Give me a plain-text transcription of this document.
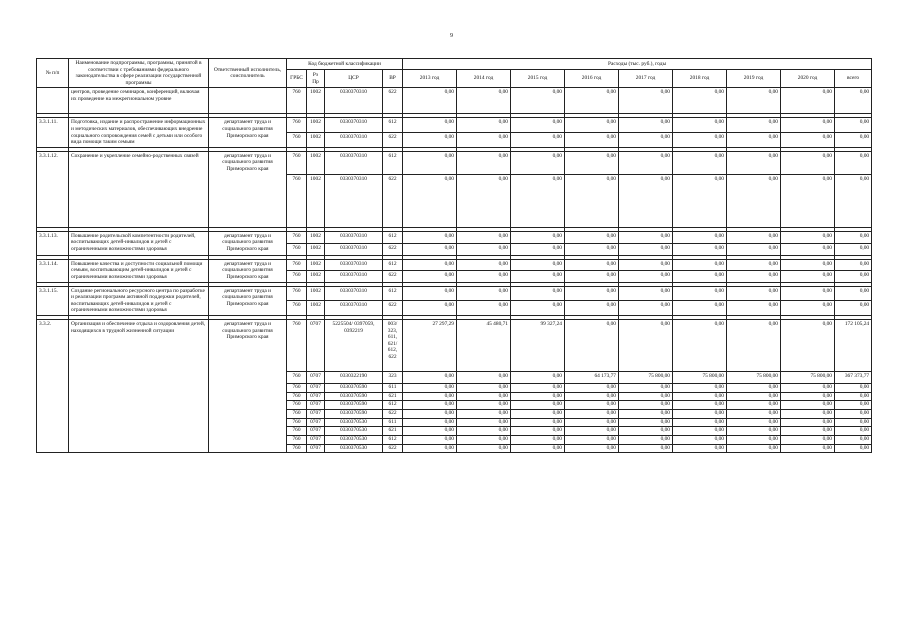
9
№ п/п	Наименование подпрограммы, программы, принятой в соответствии с требованиями федерального законодательства в сфере реализации государственной программы	Ответственный исполнитель, соисполнитель	Код бюджетной классификации				Расходы (тыс. руб.), годы								
			ГРБС	Рз Пр	ЦСР	ВР	2013 год	2014 год	2015 год	2016 год	2017 год	2018 год	2019 год	2020 год	всего
	центров, проведение семинаров, конференций, включая их проведение на межрегиональном уровне		760	1002	0330370310	622	0,00	0,00	0,00	0,00	0,00	0,00	0,00	0,00	0,00

3.3.1.11.	Подготовка, издание и распространение информационных и методических материалов, обеспечивающих внедрение социального сопровождения семей с детьми или особого вида помощи таким семьям	департамент труда и социального развития Приморского края	760	1002	0330370310	612	0,00	0,00	0,00	0,00	0,00	0,00	0,00	0,00	0,00
			760	1002	0330370310	622	0,00	0,00	0,00	0,00	0,00	0,00	0,00	0,00	0,00

3.3.1.12.	Сохранение и укрепление семейно-родственных связей	департамент труда и социального развития Приморского края	760	1002	0330370310	612	0,00	0,00	0,00	0,00	0,00	0,00	0,00	0,00	0,00
			760	1002	0330370310	622	0,00	0,00	0,00	0,00	0,00	0,00	0,00	0,00	0,00

3.3.1.13.	Повышение родительской компетентности родителей, воспитывающих детей-инвалидов и детей с ограниченными возможностями здоровья	департамент труда и социального развития Приморского края	760	1002	0330370310	612	0,00	0,00	0,00	0,00	0,00	0,00	0,00	0,00	0,00
			760	1002	0330370310	622	0,00	0,00	0,00	0,00	0,00	0,00	0,00	0,00	0,00

3.3.1.14.	Повышение качества и доступности социальной помощи семьям, воспитывающим детей-инвалидов и детей с ограниченными возможностями здоровья	департамент труда и социального развития Приморского края	760	1002	0330370310	612	0,00	0,00	0,00	0,00	0,00	0,00	0,00	0,00	0,00
			760	1002	0330370310	622	0,00	0,00	0,00	0,00	0,00	0,00	0,00	0,00	0,00

3.3.1.15.	Создание регионального ресурсного центра по разработке и реализации программ активной поддержки родителей, воспитывающих детей-инвалидов и детей с ограниченными возможностями здоровья	департамент труда и социального развития Приморского края	760	1002	0330370310	612	0,00	0,00	0,00	0,00	0,00	0,00	0,00	0,00	0,00
			760	1002	0330370310	622	0,00	0,00	0,00	0,00	0,00	0,00	0,00	0,00	0,00

3.3.2.	Организация и обеспечение отдыха и оздоровления детей, находящихся в трудной жизненной ситуации	департамент труда и социального развития Приморского края	760	0707	5225504/ 0397059, 0392219	003/ 323, 611, 621/ 612, 622	27 297,29	45 480,71	99 327,24	0,00	0,00	0,00	0,00	0,00	172 105,24
			760	0707	0330322190	323	0,00	0,00	0,00	64 173,77	75 800,00	75 800,00	75 800,00	75 800,00	367 373,77
			760	0707	0330370590	611	0,00	0,00	0,00	0,00	0,00	0,00	0,00	0,00	0,00
			760	0707	0330370590	621	0,00	0,00	0,00	0,00	0,00	0,00	0,00	0,00	0,00
			760	0707	0330370590	612	0,00	0,00	0,00	0,00	0,00	0,00	0,00	0,00	0,00
			760	0707	0330370590	622	0,00	0,00	0,00	0,00	0,00	0,00	0,00	0,00	0,00
			760	0707	0330370530	611	0,00	0,00	0,00	0,00	0,00	0,00	0,00	0,00	0,00
			760	0707	0330370530	621	0,00	0,00	0,00	0,00	0,00	0,00	0,00	0,00	0,00
			760	0707	0330370530	612	0,00	0,00	0,00	0,00	0,00	0,00	0,00	0,00	0,00
			760	0707	0330370530	622	0,00	0,00	0,00	0,00	0,00	0,00	0,00	0,00	0,00
